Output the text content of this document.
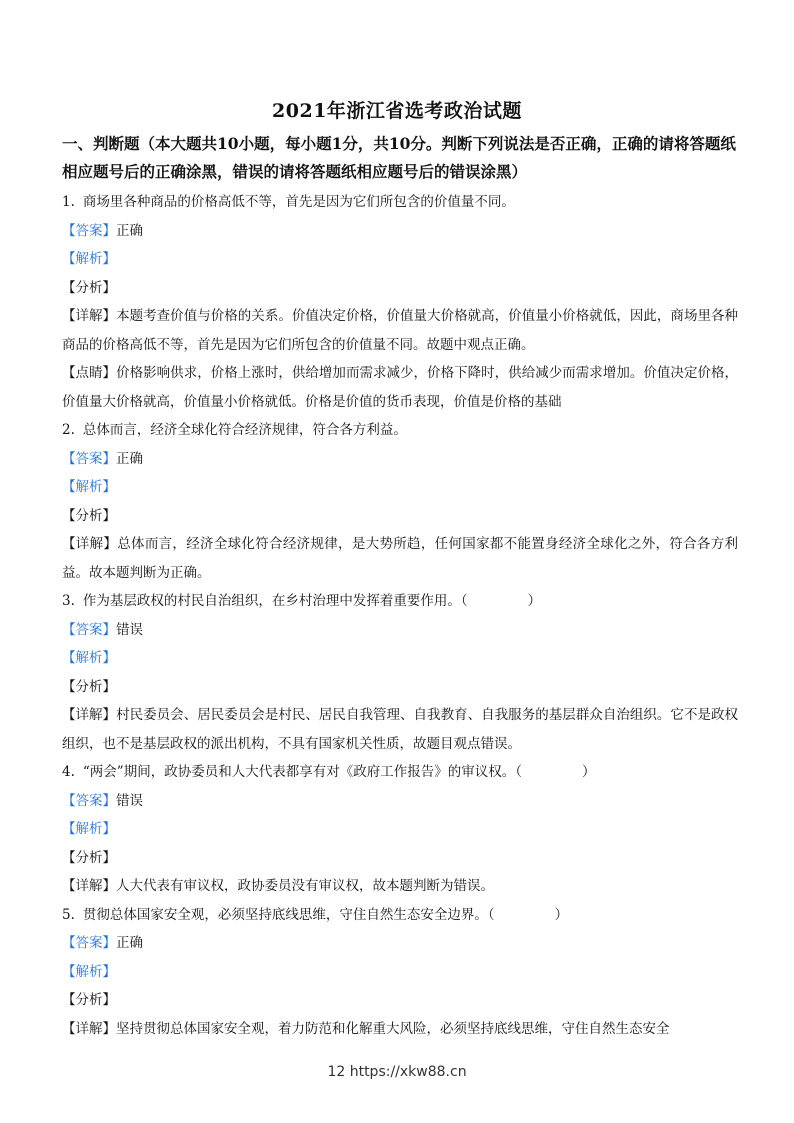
2021年浙江省选考政治试题
一、判断题（本大题共10小题，每小题1分，共10分。判断下列说法是否正确，正确的请将答题纸相应题号后的正确涂黑，错误的请将答题纸相应题号后的错误涂黑）
1. 商场里各种商品的价格高低不等，首先是因为它们所包含的价值量不同。
【答案】正确
【解析】
【分析】
【详解】本题考查价值与价格的关系。价值决定价格，价值量大价格就高，价值量小价格就低，因此，商场里各种商品的价格高低不等，首先是因为它们所包含的价值量不同。故题中观点正确。
【点睛】价格影响供求，价格上涨时，供给增加而需求减少，价格下降时，供给减少而需求增加。价值决定价格，价值量大价格就高，价值量小价格就低。价格是价值的货币表现，价值是价格的基础
2. 总体而言，经济全球化符合经济规律，符合各方利益。
【答案】正确
【解析】
【分析】
【详解】总体而言，经济全球化符合经济规律，是大势所趋，任何国家都不能置身经济全球化之外，符合各方利益。故本题判断为正确。
3. 作为基层政权的村民自治组织，在乡村治理中发挥着重要作用。（	）
【答案】错误
【解析】
【分析】
【详解】村民委员会、居民委员会是村民、居民自我管理、自我教育、自我服务的基层群众自治组织。它不是政权组织，也不是基层政权的派出机构，不具有国家机关性质，故题目观点错误。
4. “两会”期间，政协委员和人大代表都享有对《政府工作报告》的审议权。（	）
【答案】错误
【解析】
【分析】
【详解】人大代表有审议权，政协委员没有审议权，故本题判断为错误。
5. 贯彻总体国家安全观，必须坚持底线思维，守住自然生态安全边界。（	）
【答案】正确
【解析】
【分析】
【详解】坚持贯彻总体国家安全观，着力防范和化解重大风险，必须坚持底线思维，守住自然生态安全
12 https://xkw88.cn
